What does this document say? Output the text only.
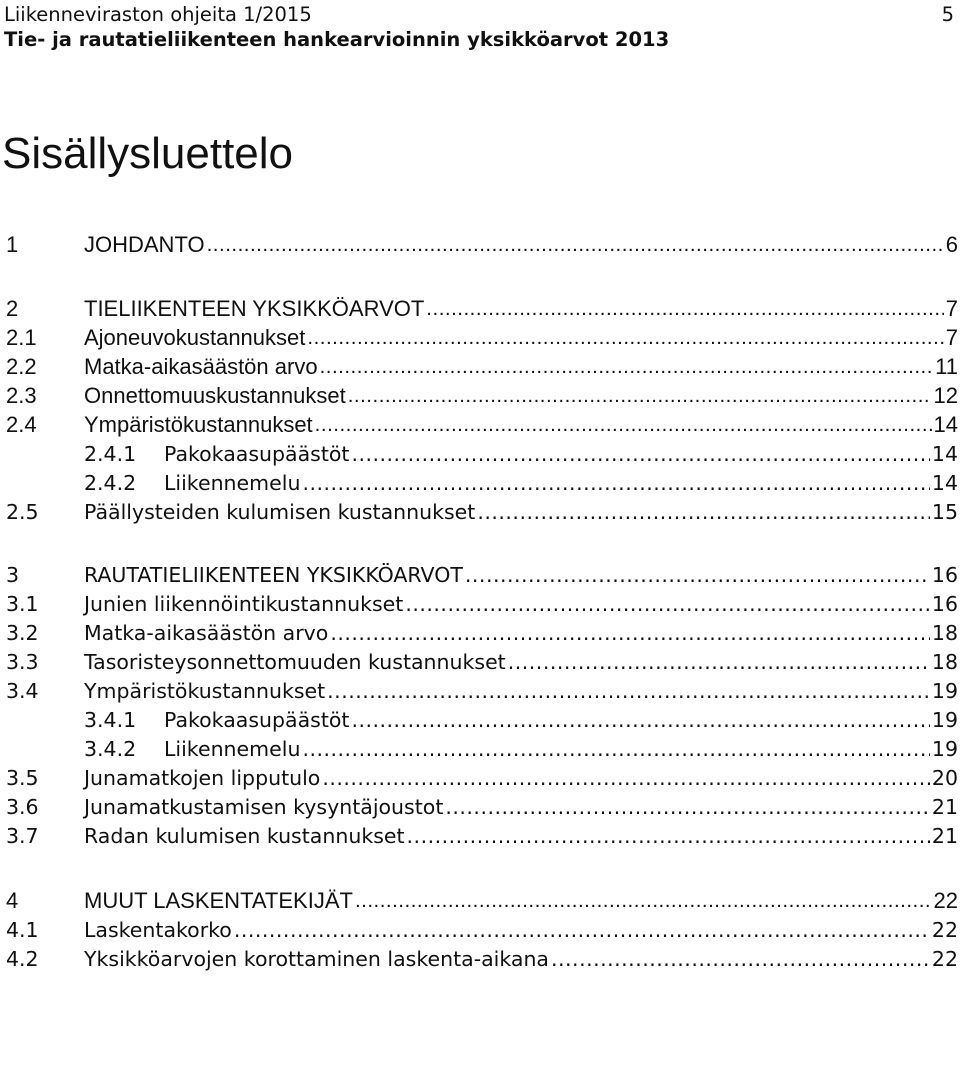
Liikenneviraston ohjeita 1/2015
Tie- ja rautatieliikenteen hankearvioinnin yksikköarvot 2013
5
Sisällysluettelo
1	JOHDANTO .....	6
2	TIELIIKENTEEN YKSIKKÖARVOT .....	7
2.1 Ajoneuvokustannukset .....	7
2.2 Matka-aikasäästön arvo .....	11
2.3 Onnettomuuskustannukset .....	12
2.4 Ympäristökustannukset .....	14
2.4.1 Pakokaasupäästöt .....	14
2.4.2 Liikennemelu .....	14
2.5 Päällysteiden kulumisen kustannukset .....	15
3	RAUTATIELIIKENTEEN YKSIKKÖARVOT .....	16
3.1 Junien liikennöintikustannukset .....	16
3.2 Matka-aikasäästön arvo .....	18
3.3 Tasoristeysonnettomuuden kustannukset .....	18
3.4 Ympäristökustannukset .....	19
3.4.1 Pakokaasupäästöt .....	19
3.4.2 Liikennemelu .....	19
3.5 Junamatkojen lipputulo .....	20
3.6 Junamatkustamisen kysyntäjoustot .....	21
3.7 Radan kulumisen kustannukset .....	21
4	MUUT LASKENTATEKIJÄT .....	22
4.1 Laskentakorko .....	22
4.2 Yksikköarvojen korottaminen laskenta-aikana .....	22
